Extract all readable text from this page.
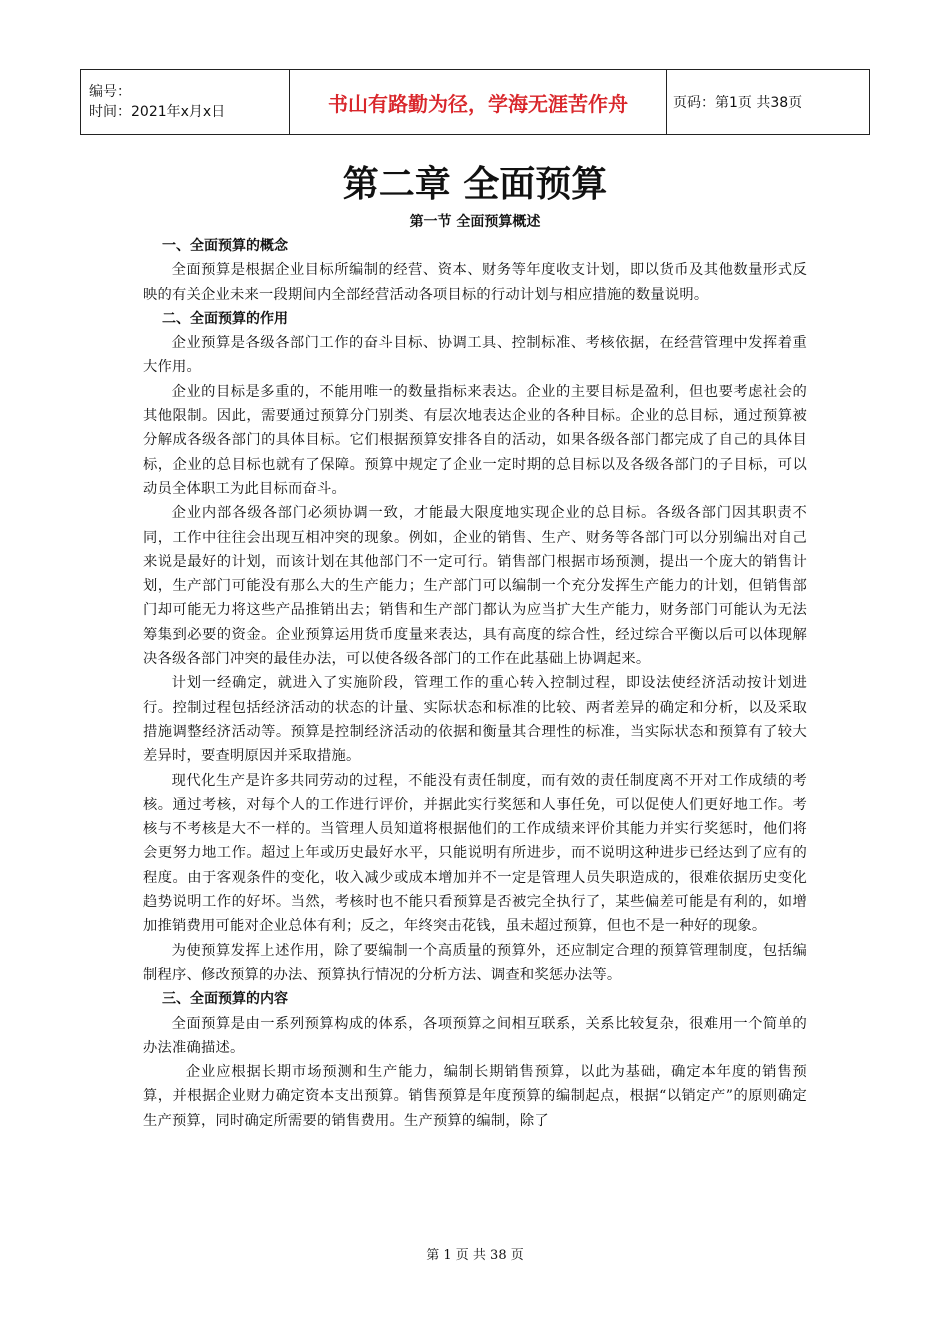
编号：
时间：2021年x月x日	书山有路勤为径，学海无涯苦作舟	页码：第1页 共38页
第二章 全面预算
第一节 全面预算概述
一、全面预算的概念

全面预算是根据企业目标所编制的经营、资本、财务等年度收支计划，即以货币及其他数量形式反映的有关企业未来一段期间内全部经营活动各项目标的行动计划与相应措施的数量说明。

二、全面预算的作用

企业预算是各级各部门工作的奋斗目标、协调工具、控制标准、考核依据，在经营管理中发挥着重大作用。

企业的目标是多重的，不能用唯一的数量指标来表达。企业的主要目标是盈利，但也要考虑社会的其他限制。因此，需要通过预算分门别类、有层次地表达企业的各种目标。企业的总目标，通过预算被分解成各级各部门的具体目标。它们根据预算安排各自的活动，如果各级各部门都完成了自己的具体目标，企业的总目标也就有了保障。预算中规定了企业一定时期的总目标以及各级各部门的子目标，可以动员全体职工为此目标而奋斗。

企业内部各级各部门必须协调一致，才能最大限度地实现企业的总目标。各级各部门因其职责不同，工作中往往会出现互相冲突的现象。例如，企业的销售、生产、财务等各部门可以分别编出对自己来说是最好的计划，而该计划在其他部门不一定可行。销售部门根据市场预测，提出一个庞大的销售计划，生产部门可能没有那么大的生产能力；生产部门可以编制一个充分发挥生产能力的计划，但销售部门却可能无力将这些产品推销出去；销售和生产部门都认为应当扩大生产能力，财务部门可能认为无法筹集到必要的资金。企业预算运用货币度量来表达，具有高度的综合性，经过综合平衡以后可以体现解决各级各部门冲突的最佳办法，可以使各级各部门的工作在此基础上协调起来。

计划一经确定，就进入了实施阶段，管理工作的重心转入控制过程，即设法使经济活动按计划进行。控制过程包括经济活动的状态的计量、实际状态和标准的比较、两者差异的确定和分析，以及采取措施调整经济活动等。预算是控制经济活动的依据和衡量其合理性的标准，当实际状态和预算有了较大差异时，要查明原因并采取措施。

现代化生产是许多共同劳动的过程，不能没有责任制度，而有效的责任制度离不开对工作成绩的考核。通过考核，对每个人的工作进行评价，并据此实行奖惩和人事任免，可以促使人们更好地工作。考核与不考核是大不一样的。当管理人员知道将根据他们的工作成绩来评价其能力并实行奖惩时，他们将会更努力地工作。超过上年或历史最好水平，只能说明有所进步，而不说明这种进步已经达到了应有的程度。由于客观条件的变化，收入减少或成本增加并不一定是管理人员失职造成的，很难依据历史变化趋势说明工作的好坏。当然，考核时也不能只看预算是否被完全执行了，某些偏差可能是有利的，如增加推销费用可能对企业总体有利；反之，年终突击花钱，虽未超过预算，但也不是一种好的现象。

为使预算发挥上述作用，除了要编制一个高质量的预算外，还应制定合理的预算管理制度，包括编制程序、修改预算的办法、预算执行情况的分析方法、调查和奖惩办法等。

三、全面预算的内容

全面预算是由一系列预算构成的体系，各项预算之间相互联系，关系比较复杂，很难用一个简单的办法准确描述。

企业应根据长期市场预测和生产能力，编制长期销售预算，以此为基础，确定本年度的销售预算，并根据企业财力确定资本支出预算。销售预算是年度预算的编制起点，根据“以销定产”的原则确定生产预算，同时确定所需要的销售费用。生产预算的编制，除了

第 1 页 共 38 页
